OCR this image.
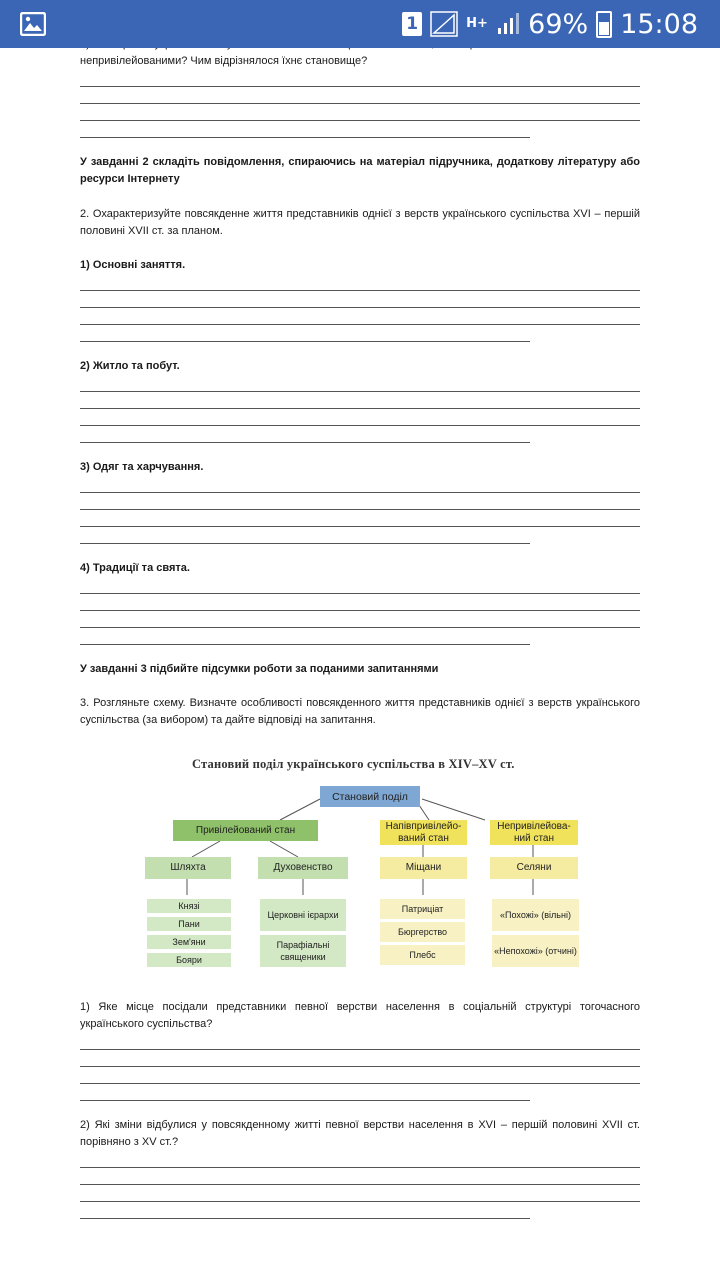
1	H+ 69% 15:08
непривілейованими? Чим відрізнялося їхнє становище?
У завданні 2 складіть повідомлення, спираючись на матеріал підручника, додаткову літературу або ресурси Інтернету
2. Охарактеризуйте повсякденне життя представників однієї з верств українського суспільства XVI – першій половині XVII ст. за планом.
1) Основні заняття.
2) Житло та побут.
3) Одяг та харчування.
4) Традиції та свята.
У завданні 3 підбийте підсумки роботи за поданими запитаннями
3. Розгляньте схему. Визначте особливості повсякденного життя представників однієї з верств українського суспільства (за вибором) та дайте відповіді на запитання.
1) Яке місце посідали представники певної верстви населення в соціальній структурі тогочасного українського суспільства?
2) Які зміни відбулися у повсякденному житті певної верстви населення в XVI – першій половині XVII ст. порівняно з XV ст.?
Становий поділ українського суспільства в XIV–XV ст.
Становий поділ
Привілейований стан	Напівпривілейо-ваний стан
Непривілейова-ний стан
Шляхта	Духовенство	Міщани	Селяни
Князі
Пани
Зем'яни
Бояри
Церковні ієрархи
Парафіальні священики
Патриціат
Бюргерство
Плебс
«Похожі» (вільні)
«Непохожі» (отчині)
